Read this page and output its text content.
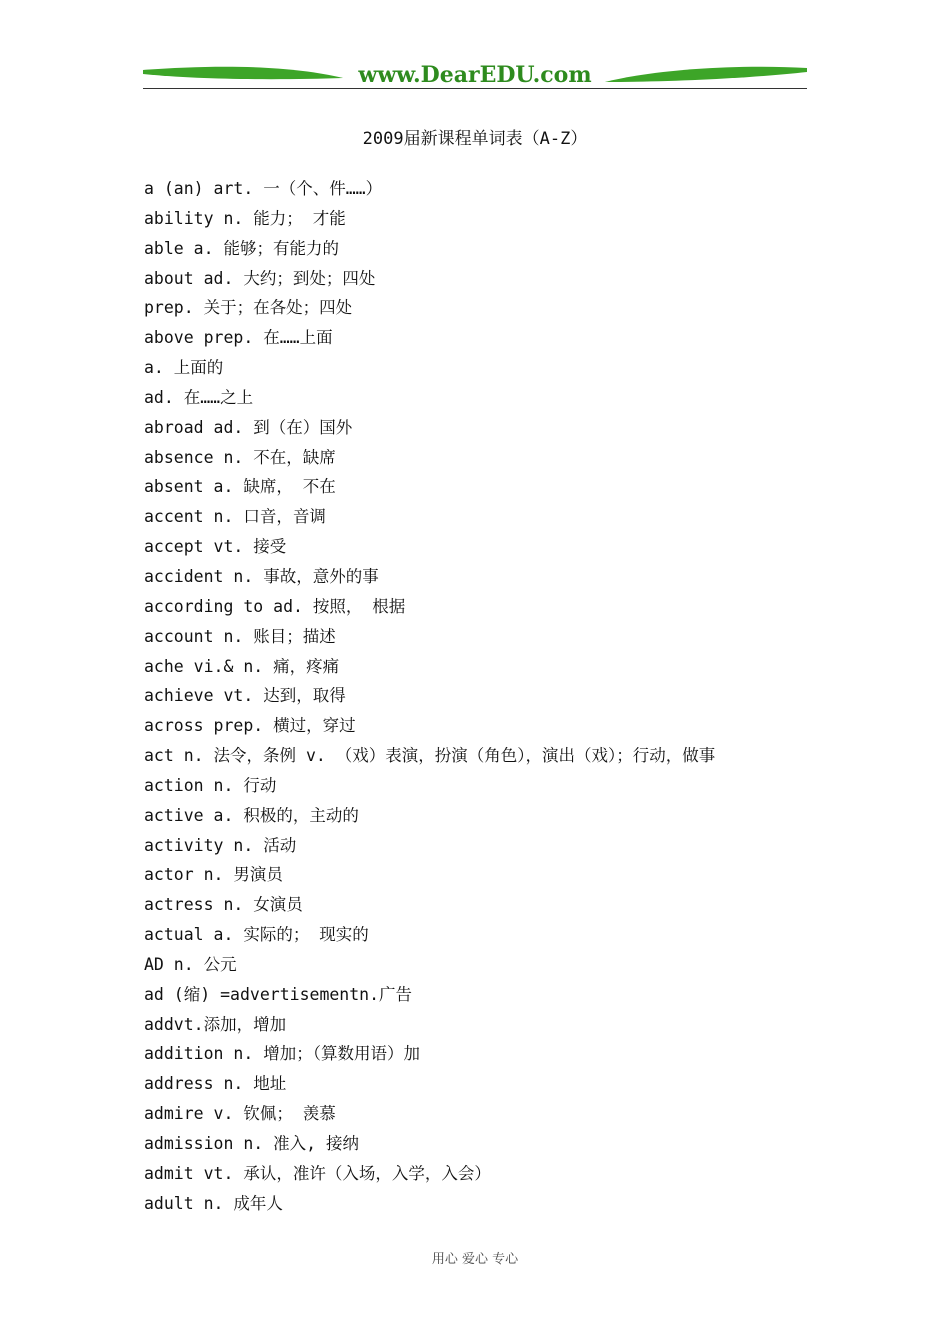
www.DearEDU.com
2009届新课程单词表（A-Z）
a (an) art. 一（个、件……）
ability n. 能力； 才能
able a. 能够；有能力的
about ad. 大约；到处；四处
prep. 关于；在各处；四处
above prep. 在……上面
a. 上面的
ad. 在……之上
abroad ad. 到（在）国外
absence n. 不在，缺席
absent a. 缺席， 不在
accent n. 口音，音调
accept vt. 接受
accident n. 事故，意外的事
according to ad. 按照， 根据
account n. 账目；描述
ache vi.& n. 痛，疼痛
achieve vt. 达到，取得
across prep. 横过，穿过
act n. 法令，条例 v. （戏）表演，扮演（角色），演出（戏）；行动，做事
action n. 行动
active a. 积极的，主动的
activity n. 活动
actor n. 男演员
actress n. 女演员
actual a. 实际的； 现实的
AD n. 公元
ad (缩) =advertisementn.广告
addvt.添加，增加
addition n. 增加；（算数用语）加
address n. 地址
admire v. 钦佩； 羡慕
admission n. 准入, 接纳
admit vt. 承认，准许（入场，入学，入会）
adult n. 成年人
用心 爱心 专心
